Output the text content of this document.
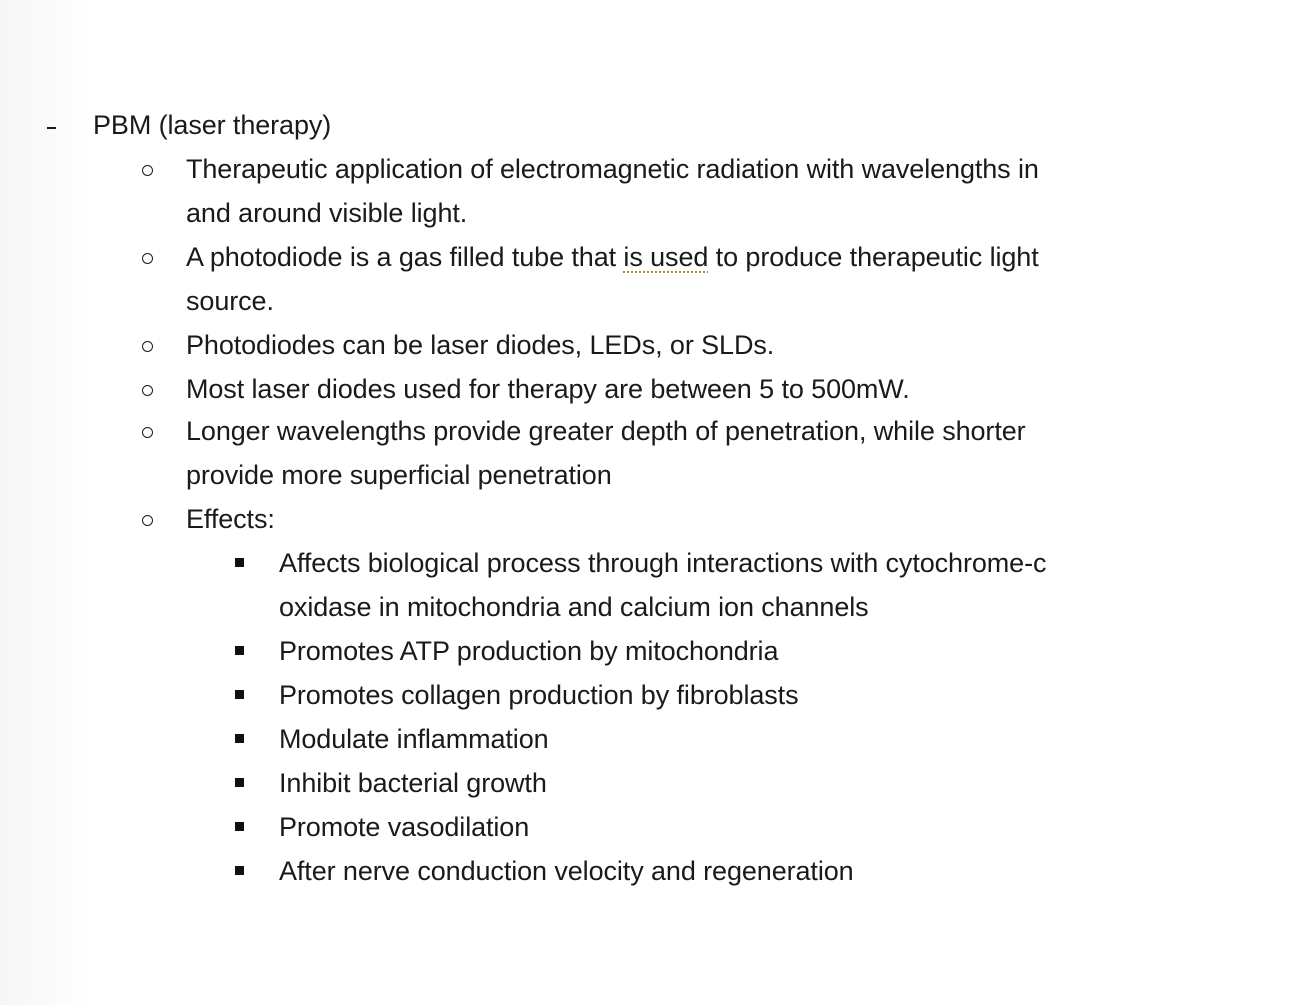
PBM (laser therapy)
Therapeutic application of electromagnetic radiation with wavelengths in
and around visible light.
A photodiode is a gas filled tube that is used to produce therapeutic light
source.
Photodiodes can be laser diodes, LEDs, or SLDs.
Most laser diodes used for therapy are between 5 to 500mW.
Longer wavelengths provide greater depth of penetration, while shorter
provide more superficial penetration
Effects:
Affects biological process through interactions with cytochrome-c
oxidase in mitochondria and calcium ion channels
Promotes ATP production by mitochondria
Promotes collagen production by fibroblasts
Modulate inflammation
Inhibit bacterial growth
Promote vasodilation
After nerve conduction velocity and regeneration
